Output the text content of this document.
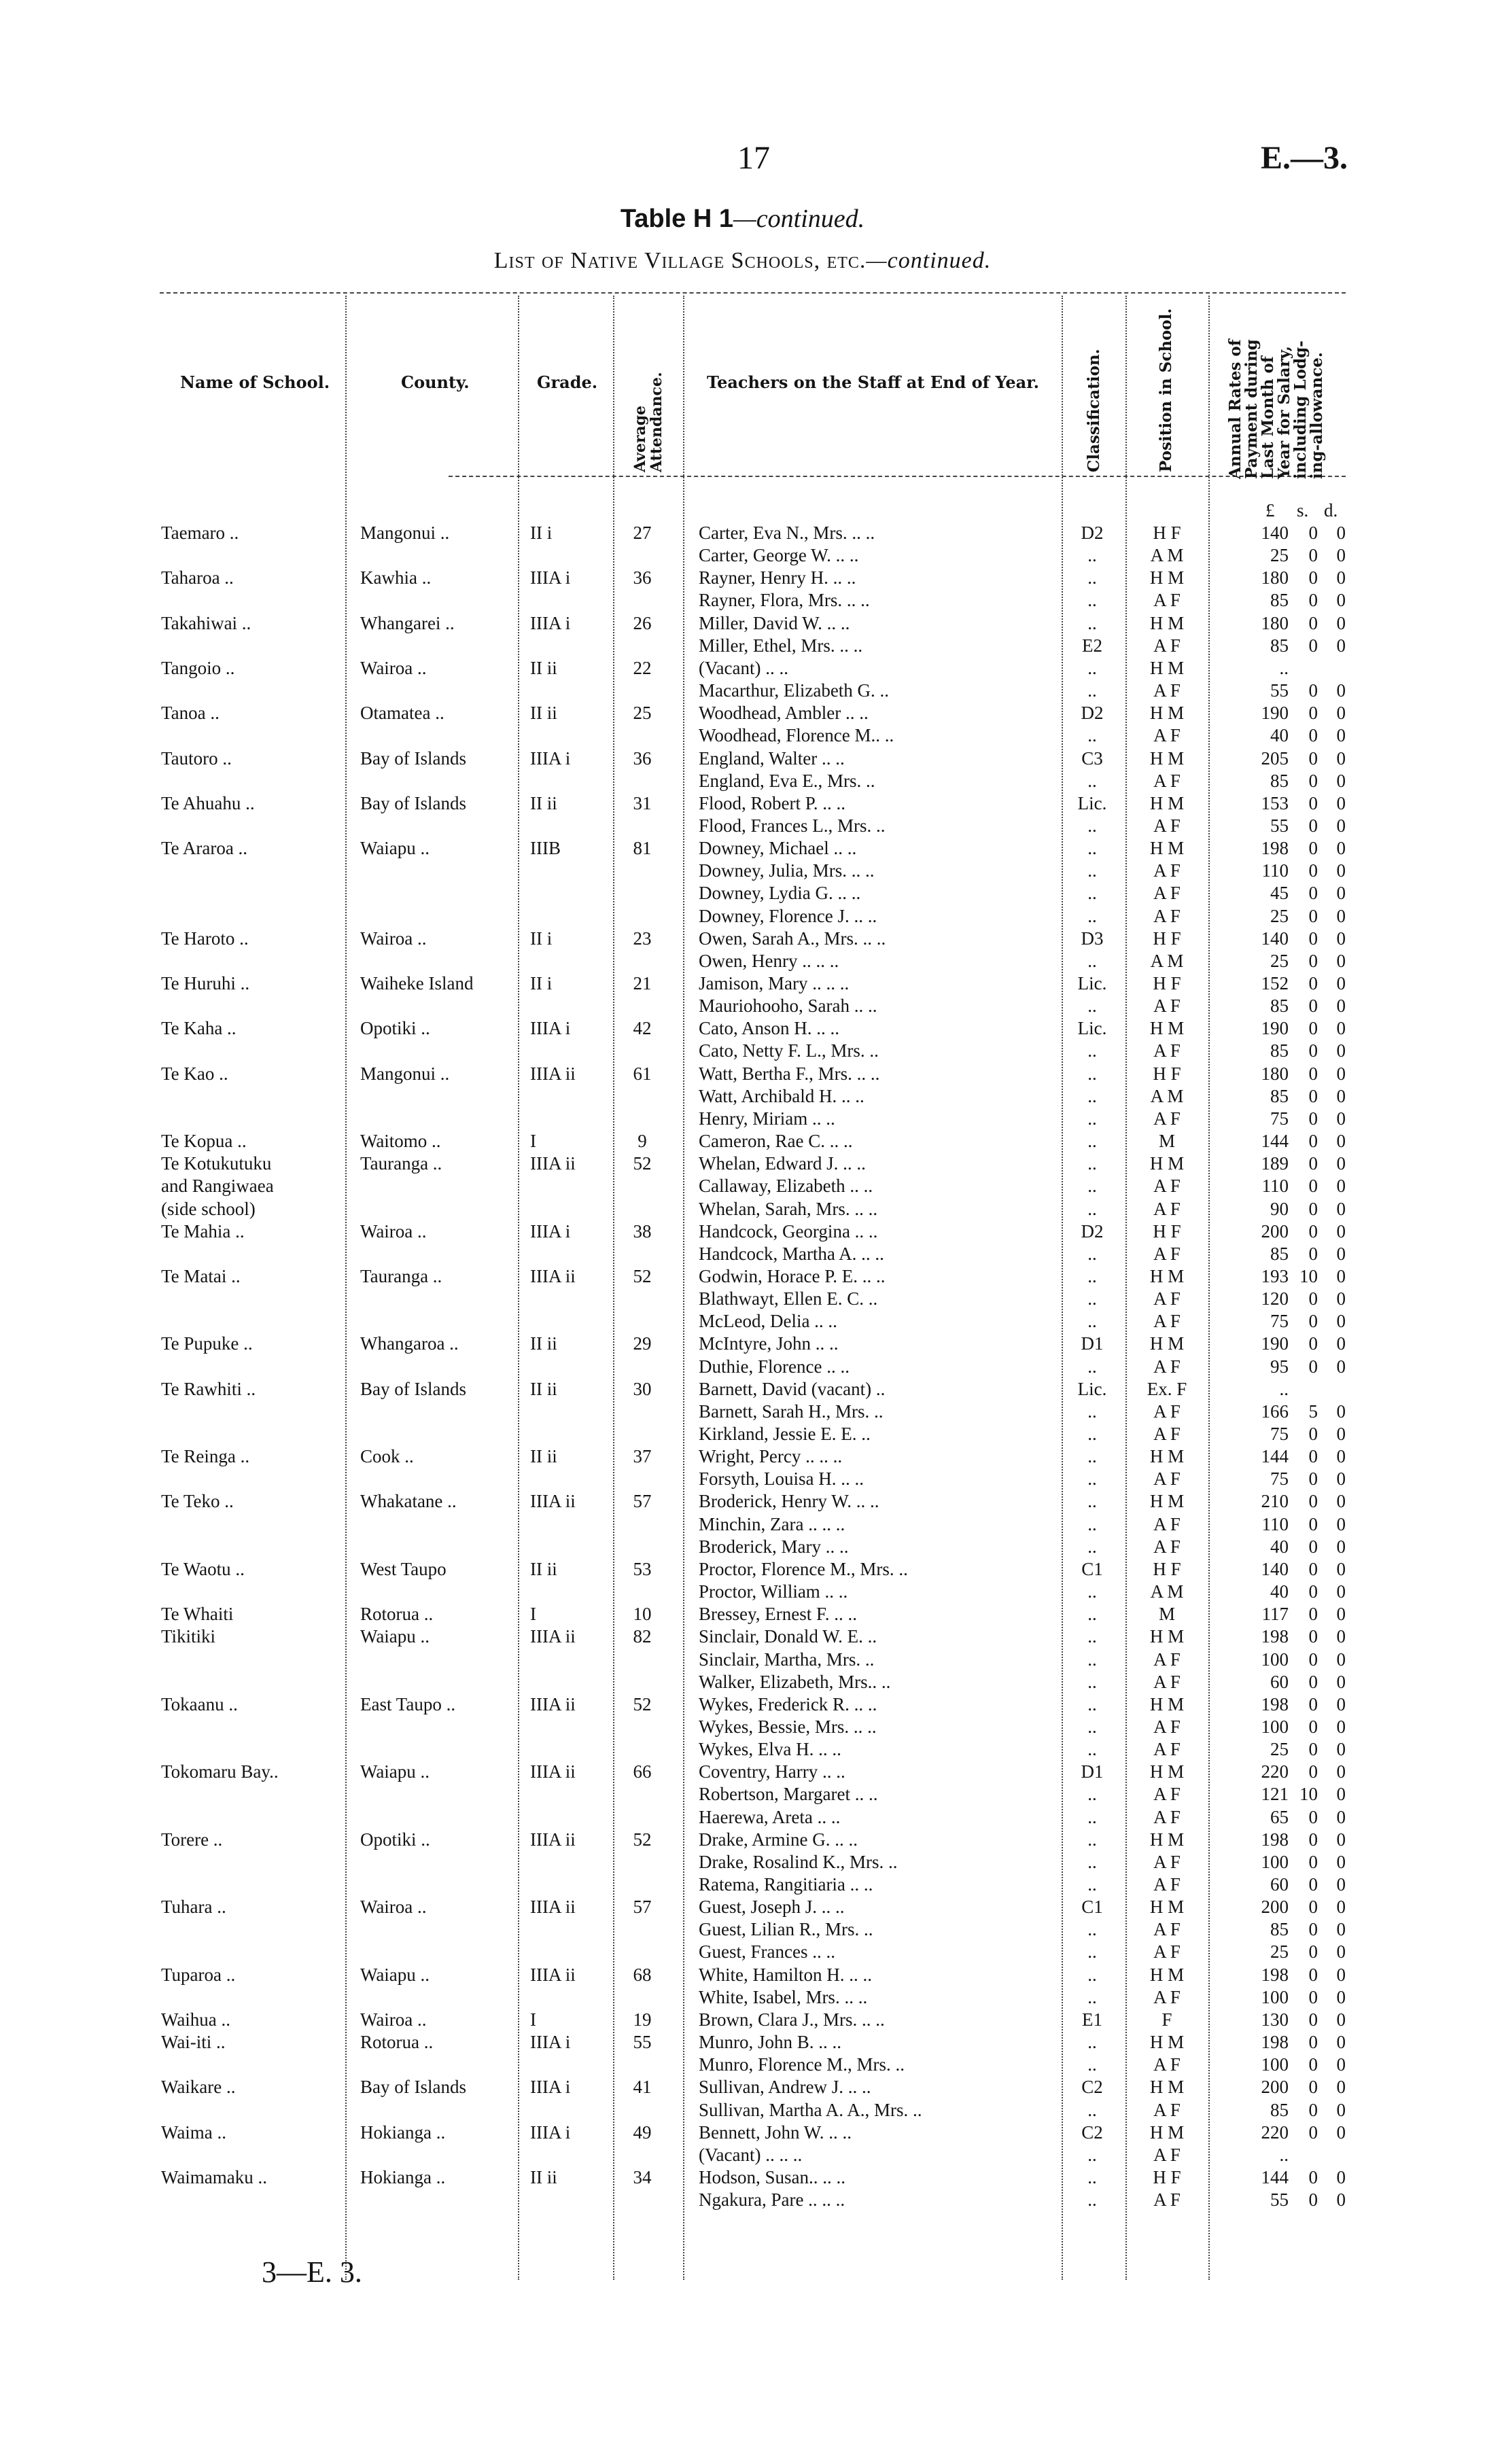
17	E.—3.
Table H 1—continued.
List of Native Village Schools, etc.—continued.
Name of School.	County.	Grade.
Average
Attendance.	Teachers on the Staff at End of Year.	Classification.	Position in School.	Annual Rates of
Payment during
Last Month of
Year for Salary,
including Lodg-
ing-allowance.
£ s. d.
Taemaro ..	Mangonui ..	II i	27	Carter, Eva N., Mrs. .. ..	D2	H F	140	0	0
Carter, George W. .. ..	..	A M	25	0	0
Taharoa ..	Kawhia ..	IIIA i	36	Rayner, Henry H. .. ..	..	H M	180	0	0
Rayner, Flora, Mrs. .. ..	..	A F	85	0	0
Takahiwai ..	Whangarei ..	IIIA i	26	Miller, David W. .. ..	..	H M	180	0	0
Miller, Ethel, Mrs. .. ..	E2	A F	85	0	0
Tangoio ..	Wairoa ..	II ii	22	(Vacant) .. ..	..	H M	..
Macarthur, Elizabeth G. ..	..	A F	55	0	0
Tanoa ..	Otamatea ..	II ii	25	Woodhead, Ambler .. ..	D2	H M	190	0	0
Woodhead, Florence M.. ..	..	A F	40	0	0
Tautoro ..	Bay of Islands	IIIA i	36	England, Walter .. ..	C3	H M	205	0	0
England, Eva E., Mrs. ..	..	A F	85	0	0
Te Ahuahu ..	Bay of Islands	II ii	31	Flood, Robert P. .. ..	Lic.	H M	153	0	0
Flood, Frances L., Mrs. ..	..	A F	55	0	0
Te Araroa ..	Waiapu ..	IIIB	81	Downey, Michael .. ..	..	H M	198	0	0
Downey, Julia, Mrs. .. ..	..	A F	110	0	0
Downey, Lydia G. .. ..	..	A F	45	0	0
Downey, Florence J. .. ..	..	A F	25	0	0
Te Haroto ..	Wairoa ..	II i	23	Owen, Sarah A., Mrs. .. ..	D3	H F	140	0	0
Owen, Henry .. .. ..	..	A M	25	0	0
Te Huruhi ..	Waiheke Island	II i	21	Jamison, Mary .. .. ..	Lic.	H F	152	0	0
Mauriohooho, Sarah .. ..	..	A F	85	0	0
Te Kaha ..	Opotiki ..	IIIA i	42	Cato, Anson H. .. ..	Lic.	H M	190	0	0
Cato, Netty F. L., Mrs. ..	..	A F	85	0	0
Te Kao ..	Mangonui ..	IIIA ii	61	Watt, Bertha F., Mrs. .. ..	..	H F	180	0	0
Watt, Archibald H. .. ..	..	A M	85	0	0
Henry, Miriam .. ..	..	A F	75	0	0
Te Kopua ..	Waitomo ..	I	9	Cameron, Rae C. .. ..	..	M	144	0	0
Te Kotukutuku	Tauranga ..	IIIA ii	52	Whelan, Edward J. .. ..	..	H M	189	0	0
and Rangiwaea	Callaway, Elizabeth .. ..	..	A F	110	0	0
(side school)	Whelan, Sarah, Mrs. .. ..	..	A F	90	0	0
Te Mahia ..	Wairoa ..	IIIA i	38	Handcock, Georgina .. ..	D2	H F	200	0	0
Handcock, Martha A. .. ..	..	A F	85	0	0
Te Matai ..	Tauranga ..	IIIA ii	52	Godwin, Horace P. E. .. ..	..	H M	193 10	0
Blathwayt, Ellen E. C. ..	..	A F	120	0	0
McLeod, Delia .. ..	..	A F	75	0	0
Te Pupuke ..	Whangaroa ..	II ii	29	McIntyre, John .. ..	D1	H M	190	0	0
Duthie, Florence .. ..	..	A F	95	0	0
Te Rawhiti ..	Bay of Islands	II ii	30	Barnett, David (vacant) ..	Lic.	Ex. F	..
Barnett, Sarah H., Mrs. ..	..	A F	166	5	0
Kirkland, Jessie E. E. ..	..	A F	75	0	0
Te Reinga ..	Cook ..	II ii	37	Wright, Percy .. .. ..	..	H M	144	0	0
Forsyth, Louisa H. .. ..	..	A F	75	0	0
Te Teko ..	Whakatane ..	IIIA ii	57	Broderick, Henry W. .. ..	..	H M	210	0	0
Minchin, Zara .. .. ..	..	A F	110	0	0
Broderick, Mary .. ..	..	A F	40	0	0
Te Waotu ..	West Taupo	II ii	53	Proctor, Florence M., Mrs. ..	C1	H F	140	0	0
Proctor, William .. ..	..	A M	40	0	0
Te Whaiti	Rotorua ..	I	10	Bressey, Ernest F. .. ..	..	M	117	0	0
Tikitiki	Waiapu ..	IIIA ii	82	Sinclair, Donald W. E. ..	..	H M	198	0	0
Sinclair, Martha, Mrs. ..	..	A F	100	0	0
Walker, Elizabeth, Mrs.. ..	..	A F	60	0	0
Tokaanu ..	East Taupo ..	IIIA ii	52	Wykes, Frederick R. .. ..	..	H M	198	0	0
Wykes, Bessie, Mrs. .. ..	..	A F	100	0	0
Wykes, Elva H. .. ..	..	A F	25	0	0
Tokomaru Bay..	Waiapu ..	IIIA ii	66	Coventry, Harry .. ..	D1	H M	220	0	0
Robertson, Margaret .. ..	..	A F	121 10	0
Haerewa, Areta .. ..	..	A F	65	0	0
Torere ..	Opotiki ..	IIIA ii	52	Drake, Armine G. .. ..	..	H M	198	0	0
Drake, Rosalind K., Mrs. ..	..	A F	100	0	0
Ratema, Rangitiaria .. ..	..	A F	60	0	0
Tuhara ..	Wairoa ..	IIIA ii	57	Guest, Joseph J. .. ..	C1	H M	200	0	0
Guest, Lilian R., Mrs. ..	..	A F	85	0	0
Guest, Frances .. ..	..	A F	25	0	0
Tuparoa ..	Waiapu ..	IIIA ii	68	White, Hamilton H. .. ..	..	H M	198	0	0
White, Isabel, Mrs. .. ..	..	A F	100	0	0
Waihua ..	Wairoa ..	I	19	Brown, Clara J., Mrs. .. ..	E1	F	130	0	0
Wai-iti ..	Rotorua ..	IIIA i	55	Munro, John B. .. ..	..	H M	198	0	0
Munro, Florence M., Mrs. ..	..	A F	100	0	0
Waikare ..	Bay of Islands	IIIA i	41	Sullivan, Andrew J. .. ..	C2	H M	200	0	0
Sullivan, Martha A. A., Mrs. ..	..	A F	85	0	0
Waima ..	Hokianga ..	IIIA i	49	Bennett, John W. .. ..	C2	H M	220	0	0
(Vacant) .. .. ..	..	A F	..
Waimamaku ..	Hokianga ..	II ii	34	Hodson, Susan.. .. ..	..	H F	144	0	0
Ngakura, Pare .. .. ..	..	A F	55	0	0
3—E. 3.
